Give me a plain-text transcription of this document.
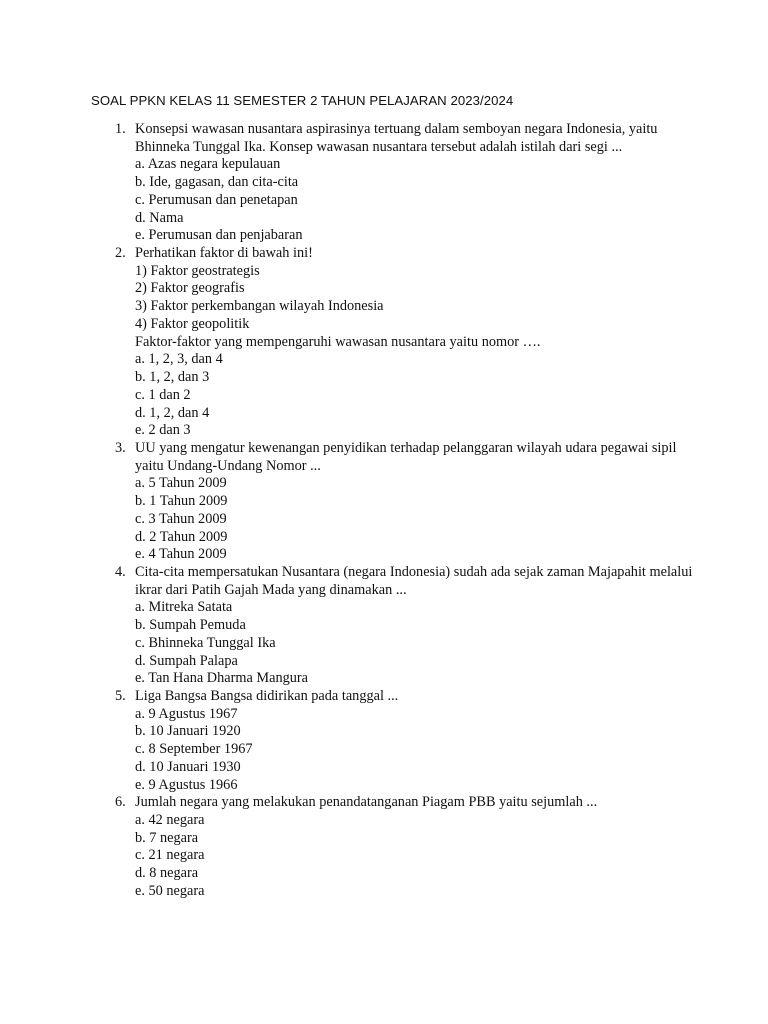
SOAL PPKN KELAS 11 SEMESTER 2 TAHUN PELAJARAN 2023/2024
1. Konsepsi wawasan nusantara aspirasinya tertuang dalam semboyan negara Indonesia, yaitu
Bhinneka Tunggal Ika. Konsep wawasan nusantara tersebut adalah istilah dari segi ...
a. Azas negara kepulauan
b. Ide, gagasan, dan cita-cita
c. Perumusan dan penetapan
d. Nama
e. Perumusan dan penjabaran
2. Perhatikan faktor di bawah ini!
1) Faktor geostrategis
2) Faktor geografis
3) Faktor perkembangan wilayah Indonesia
4) Faktor geopolitik
Faktor-faktor yang mempengaruhi wawasan nusantara yaitu nomor ….
a. 1, 2, 3, dan 4
b. 1, 2, dan 3
c. 1 dan 2
d. 1, 2, dan 4
e. 2 dan 3
3. UU yang mengatur kewenangan penyidikan terhadap pelanggaran wilayah udara pegawai sipil
yaitu Undang-Undang Nomor ...
a. 5 Tahun 2009
b. 1 Tahun 2009
c. 3 Tahun 2009
d. 2 Tahun 2009
e. 4 Tahun 2009
4. Cita-cita mempersatukan Nusantara (negara Indonesia) sudah ada sejak zaman Majapahit melalui
ikrar dari Patih Gajah Mada yang dinamakan ...
a. Mitreka Satata
b. Sumpah Pemuda
c. Bhinneka Tunggal Ika
d. Sumpah Palapa
e. Tan Hana Dharma Mangura
5. Liga Bangsa Bangsa didirikan pada tanggal ...
a. 9 Agustus 1967
b. 10 Januari 1920
c. 8 September 1967
d. 10 Januari 1930
e. 9 Agustus 1966
6. Jumlah negara yang melakukan penandatanganan Piagam PBB yaitu sejumlah ...
a. 42 negara
b. 7 negara
c. 21 negara
d. 8 negara
e. 50 negara
